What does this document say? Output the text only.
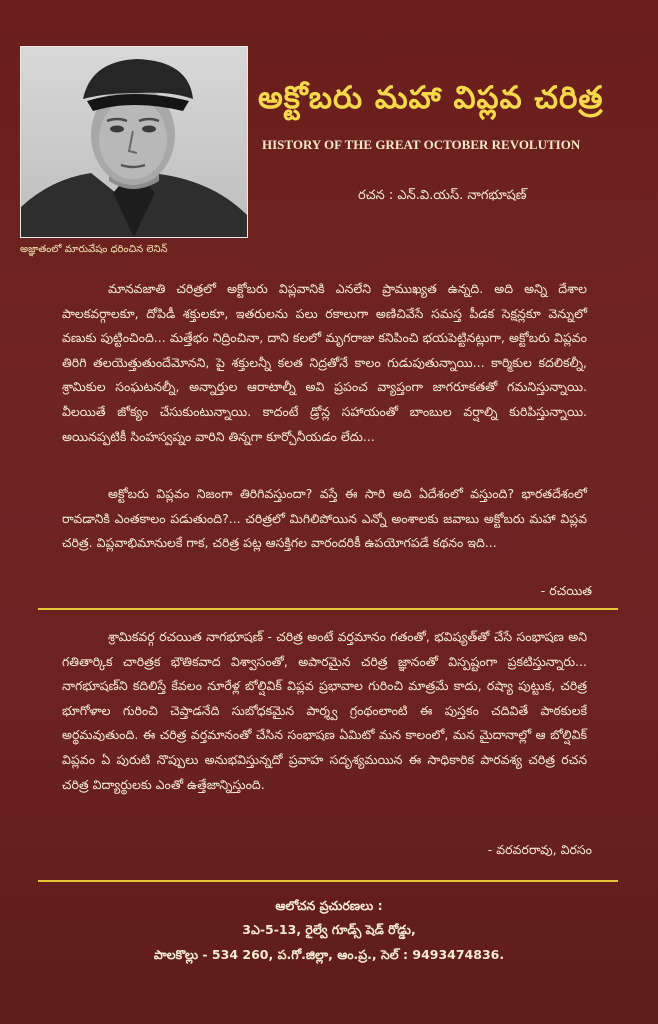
అజ్ఞాతంలో మారువేషం ధరించిన లెనిన్
అక్టోబరు మహా విప్లవ చరిత్ర
HISTORY OF THE GREAT OCTOBER REVOLUTION
రచన : ఎన్.వి.యస్. నాగభూషణ్

మానవజాతి చరిత్రలో అక్టోబరు విప్లవానికి ఎనలేని ప్రాముఖ్యత ఉన్నది. అది అన్ని దేశాల పాలకవర్గాలకూ, దోపిడీ శక్తులకూ, ఇతరులను పలు రకాలుగా అణిచివేసే సమస్త పీడక సెక్షన్లకూ వెన్నులో వణుకు పుట్టించింది... మత్తేభం నిద్రించినా, దాని కలలో మృగరాజు కనిపించి భయపెట్టినట్లుగా, అక్టోబరు విప్లవం తిరిగి తలయెత్తుతుందేమోనని, పై శక్తులన్నీ కలత నిద్రతోనే కాలం గుడుపుతున్నాయి... కార్మికుల కదలికల్నీ, శ్రామికుల సంఘటనల్నీ, అన్నార్తుల ఆరాటాల్నీ అవి ప్రపంచ వ్యాప్తంగా జాగరూకతతో గమనిస్తున్నాయి. వీలయితే జోక్యం చేసుకుంటున్నాయి. కాదంటే డ్రోన్ల సహాయంతో బాంబుల వర్షాల్ని కురిపిస్తున్నాయి. అయినప్పటికీ సింహస్వప్నం వారిని తిన్నగా కూర్చోనీయడం లేదు...

అక్టోబరు విప్లవం నిజంగా తిరిగివస్తుందా? వస్తే ఈ సారి అది ఏదేశంలో వస్తుంది? భారతదేశంలో రావడానికి ఎంతకాలం పడుతుంది?... చరిత్రలో మిగిలిపోయిన ఎన్నో అంశాలకు జవాబు అక్టోబరు మహా విప్లవ చరిత్ర. విప్లవాభిమానులకే గాక, చరిత్ర పట్ల ఆసక్తిగల వారందరికీ ఉపయోగపడే కథనం ఇది...

- రచయిత

శ్రామికవర్గ రచయిత నాగభూషణ్ - చరిత్ర అంటే వర్తమానం గతంతో, భవిష్యత్‌తో చేసే సంభాషణ అని గతితార్కిక చారిత్రక భౌతికవాద విశ్వాసంతో, అపారమైన చరిత్ర జ్ఞానంతో విస్పష్టంగా ప్రకటిస్తున్నారు... నాగభూషణ్‌ని కదిలిస్తే కేవలం నూరేళ్ల బోల్షివిక్ విప్లవ ప్రభావాల గురించి మాత్రమే కాదు, రష్యా పుట్టుక, చరిత్ర భూగోళాల గురించి చెప్తాడనేది సుబోధకమైన పార్శ్వ గ్రంథంలాంటి ఈ పుస్తకం చదివితే పాఠకులకే అర్థమవుతుంది. ఈ చరిత్ర వర్తమానంతో చేసిన సంభాషణ ఏమిటో మన కాలంలో, మన మైదానాల్లో ఆ బోల్షివిక్ విప్లవం ఏ పురుటి నొప్పులు అనుభవిస్తున్నదో ప్రవాహ సదృశ్యమయిన ఈ సాధికారిక పారవశ్య చరిత్ర రచన చరిత్ర విద్యార్థులకు ఎంతో ఉత్తేజాన్నిస్తుంది.

- వరవరరావు, విరసం
ఆలోచన ప్రచురణలు :
3ఎ-5-13, రైల్వే గూడ్స్ షెడ్ రోడ్డు,
పాలకొల్లు - 534 260, ప.గో.జిల్లా, ఆం.ప్ర., సెల్ : 9493474836.
